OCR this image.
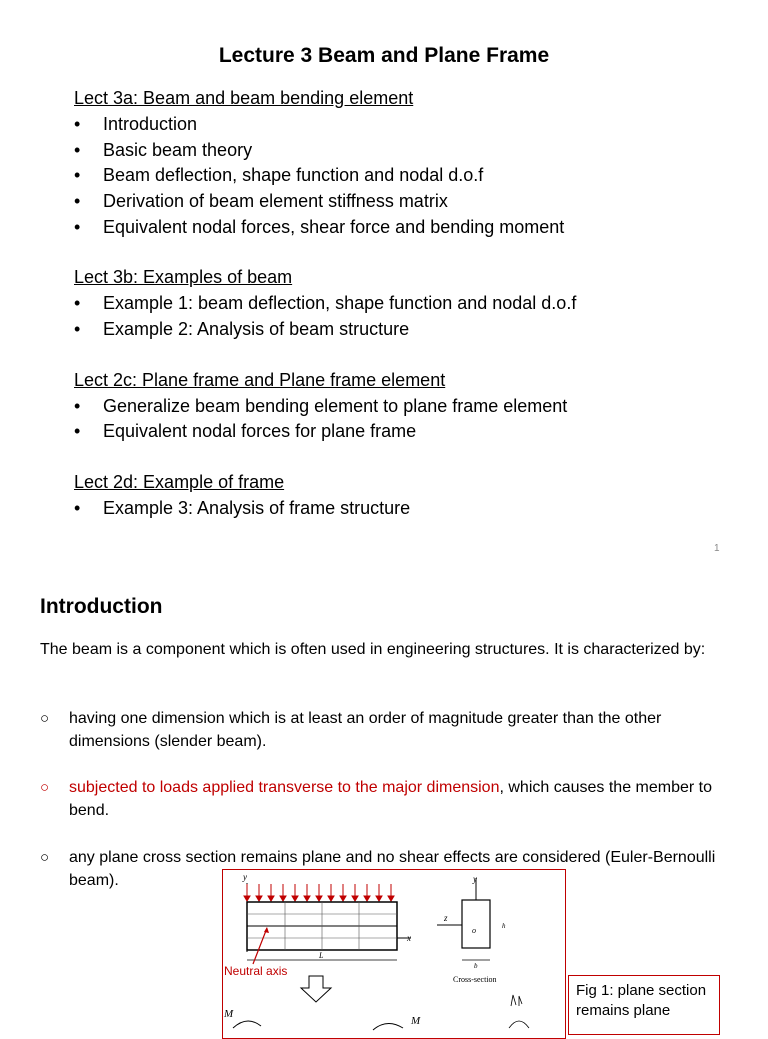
Lecture 3 Beam and Plane Frame
Lect 3a: Beam and beam bending element
•	Introduction
•	Basic beam theory
•	Beam deflection, shape function and nodal d.o.f
•	Derivation of beam element stiffness matrix
•	Equivalent nodal forces, shear force and bending moment
Lect 3b: Examples of beam
•	Example 1: beam deflection, shape function and nodal d.o.f
•	Example 2: Analysis of beam structure
Lect 2c: Plane frame and Plane frame element
•	Generalize beam bending element to plane frame element
•	Equivalent nodal forces for plane frame
Lect 2d: Example of frame
•	Example 3: Analysis of frame structure
1
Introduction
The beam is a component which is often used in engineering structures. It is characterized by:
○	having one dimension which is at least an order of magnitude greater than the other dimensions (slender beam).
○	subjected to loads applied transverse to the major dimension, which causes the member to bend.
○	any plane cross section remains plane and no shear effects are considered (Euler-Bernoulli beam).	y
x
L
Neutral axis
y
z
o	h
b
Cross-section
M
M
Fig 1: plane section remains plane
